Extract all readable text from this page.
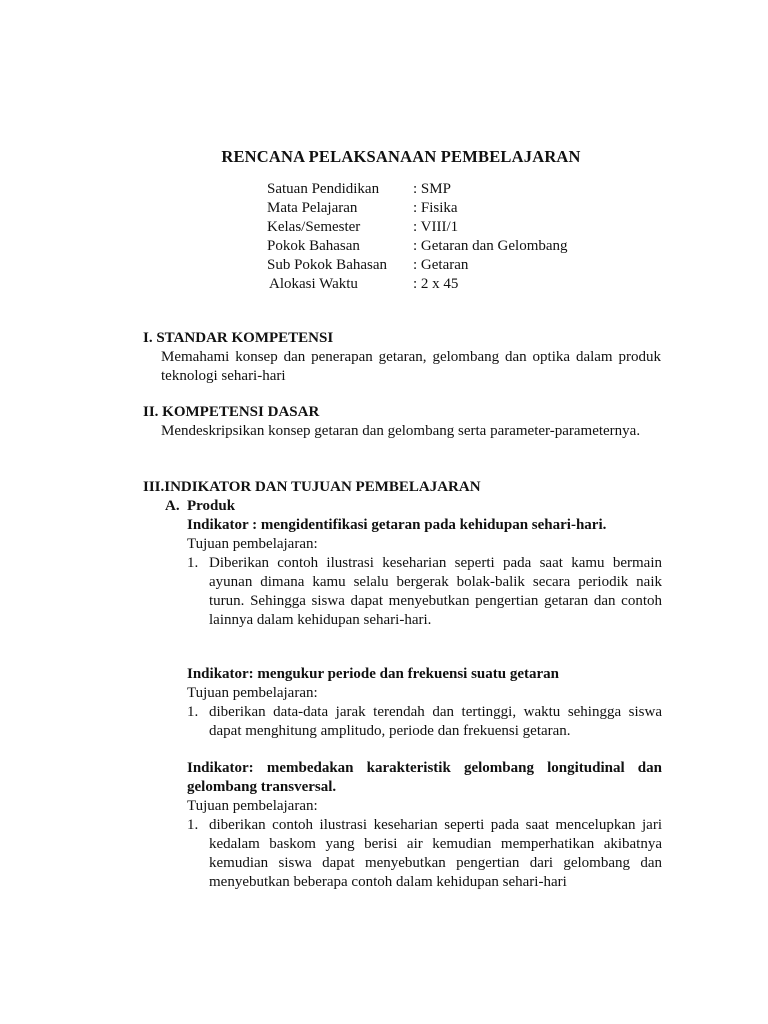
RENCANA PELAKSANAAN PEMBELAJARAN
Satuan Pendidikan	: SMP
Mata Pelajaran	: Fisika
Kelas/Semester	: VIII/1
Pokok Bahasan	: Getaran dan Gelombang
Sub Pokok Bahasan	: Getaran
Alokasi Waktu	: 2 x 45
I. STANDAR KOMPETENSI
Memahami konsep dan penerapan getaran, gelombang dan optika dalam produk teknologi sehari-hari
II. KOMPETENSI DASAR
Mendeskripsikan konsep getaran dan gelombang serta parameter-parameternya.
III.INDIKATOR DAN TUJUAN PEMBELAJARAN
A. Produk
Indikator : mengidentifikasi getaran pada kehidupan sehari-hari.
Tujuan pembelajaran:
1. Diberikan contoh ilustrasi keseharian seperti pada saat kamu bermain ayunan dimana kamu selalu bergerak bolak-balik secara periodik naik turun. Sehingga siswa dapat menyebutkan pengertian getaran dan contoh lainnya dalam kehidupan sehari-hari.
Indikator: mengukur periode dan frekuensi suatu getaran
Tujuan pembelajaran:
1. diberikan data-data jarak terendah dan tertinggi, waktu sehingga siswa dapat menghitung amplitudo, periode dan frekuensi getaran.
Indikator: membedakan karakteristik gelombang longitudinal dan gelombang transversal.
Tujuan pembelajaran:
1. diberikan contoh ilustrasi keseharian seperti pada saat mencelupkan jari kedalam baskom yang berisi air kemudian memperhatikan akibatnya kemudian siswa dapat menyebutkan pengertian dari gelombang dan menyebutkan beberapa contoh dalam kehidupan sehari-hari
